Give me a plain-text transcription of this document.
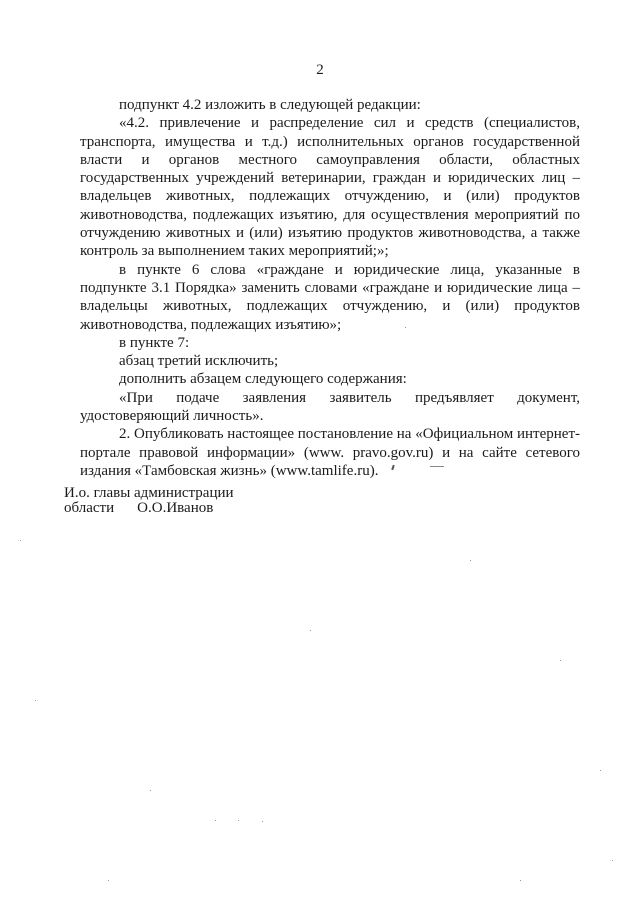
2

подпункт 4.2 изложить в следующей редакции:

«4.2. привлечение и распределение сил и средств (специалистов, транспорта, имущества и т.д.) исполнительных органов государственной власти и органов местного самоуправления области, областных государственных учреждений ветеринарии, граждан и юридических лиц – владельцев животных, подлежащих отчуждению, и (или) продуктов животноводства, подлежащих изъятию, для осуществления мероприятий по отчуждению животных и (или) изъятию продуктов животноводства, а также контроль за выполнением таких мероприятий;»;

в пункте 6 слова «граждане и юридические лица, указанные в подпункте 3.1 Порядка» заменить словами «граждане и юридические лица – владельцы животных, подлежащих отчуждению, и (или) продуктов животноводства, подлежащих изъятию»;

в пункте 7:

абзац третий исключить;

дополнить абзацем следующего содержания:

«При подаче заявления заявитель предъявляет документ, удостоверяющий личность».

2. Опубликовать настоящее постановление на «Официальном интернет-портале правовой информации» (www. pravo.gov.ru) и на сайте сетевого издания «Тамбовская жизнь» (www.tamlife.ru).

И.о. главы администрации
области О.О.Иванов
